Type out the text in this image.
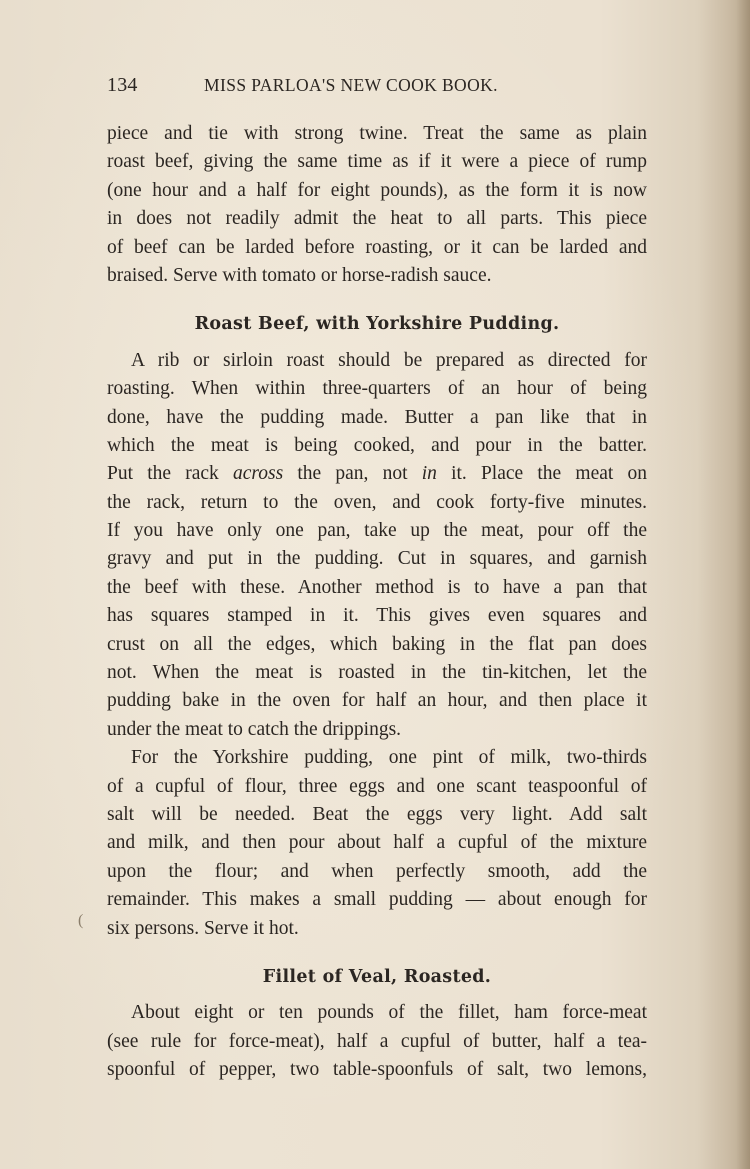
134	MISS PARLOA'S NEW COOK BOOK.
piece and tie with strong twine. Treat the same as plain
roast beef, giving the same time as if it were a piece of rump
(one hour and a half for eight pounds), as the form it is now
in does not readily admit the heat to all parts. This piece
of beef can be larded before roasting, or it can be larded and
braised. Serve with tomato or horse-radish sauce.
Roast Beef, with Yorkshire Pudding.
A rib or sirloin roast should be prepared as directed for
roasting. When within three-quarters of an hour of being
done, have the pudding made. Butter a pan like that in
which the meat is being cooked, and pour in the batter.
Put the rack across the pan, not in it. Place the meat on
the rack, return to the oven, and cook forty-five minutes.
If you have only one pan, take up the meat, pour off the
gravy and put in the pudding. Cut in squares, and garnish
the beef with these. Another method is to have a pan that
has squares stamped in it. This gives even squares and
crust on all the edges, which baking in the flat pan does
not. When the meat is roasted in the tin-kitchen, let the
pudding bake in the oven for half an hour, and then place it
under the meat to catch the drippings.
For the Yorkshire pudding, one pint of milk, two-thirds
of a cupful of flour, three eggs and one scant teaspoonful of
salt will be needed. Beat the eggs very light. Add salt
and milk, and then pour about half a cupful of the mixture
upon the flour; and when perfectly smooth, add the
remainder. This makes a small pudding — about enough for
six persons. Serve it hot.
Fillet of Veal, Roasted.
About eight or ten pounds of the fillet, ham force-meat
(see rule for force-meat), half a cupful of butter, half a tea-
spoonful of pepper, two table-spoonfuls of salt, two lemons,
(
